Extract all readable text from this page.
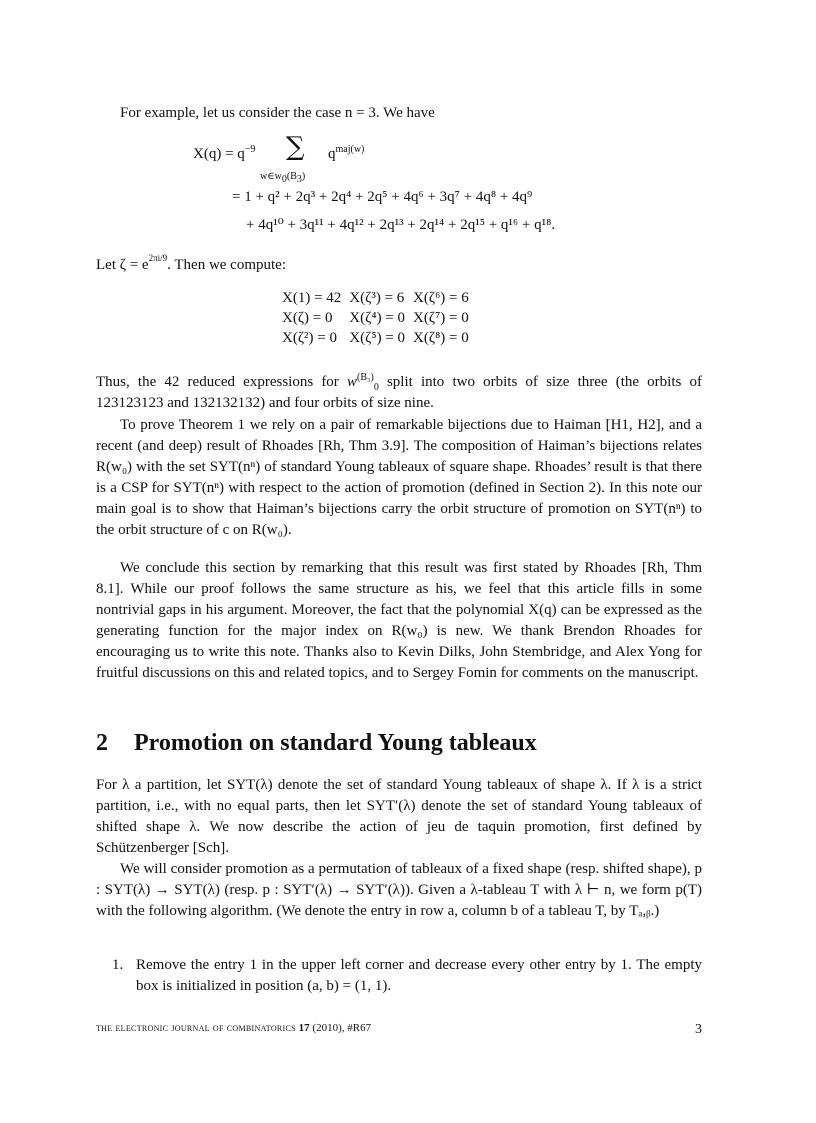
For example, let us consider the case n = 3. We have

$X(q) = q^{-9}$ ∑ $q^{maj(w)}$
$w\in w_0(B_3)$
= 1 + q² + 2q³ + 2q⁴ + 2q⁵ + 4q⁶ + 3q⁷ + 4q⁸ + 4q⁹
+ 4q¹⁰ + 3q¹¹ + 4q¹² + 2q¹³ + 2q¹⁴ + 2q¹⁵ + q¹⁶ + q¹⁸.

Let $\zeta = e^{2\pi i/9}$. Then we compute:

X(1) = 42	X(ζ³) = 6	X(ζ⁶) = 6
X(ζ) = 0	X(ζ⁴) = 0	X(ζ⁷) = 0
X(ζ²) = 0	X(ζ⁵) = 0	X(ζ⁸) = 0

Thus, the 42 reduced expressions for $w^{(B_3)}_0$ split into two orbits of size three (the orbits of 123123123 and 132132132) and four orbits of size nine.

To prove Theorem 1 we rely on a pair of remarkable bijections due to Haiman [H1, H2], and a recent (and deep) result of Rhoades [Rh, Thm 3.9]. The composition of Haiman’s bijections relates R(w₀) with the set SYT(nⁿ) of standard Young tableaux of square shape. Rhoades’ result is that there is a CSP for SYT(nⁿ) with respect to the action of promotion (defined in Section 2). In this note our main goal is to show that Haiman’s bijections carry the orbit structure of promotion on SYT(nⁿ) to the orbit structure of c on R(w₀).

We conclude this section by remarking that this result was first stated by Rhoades [Rh, Thm 8.1]. While our proof follows the same structure as his, we feel that this article fills in some nontrivial gaps in his argument. Moreover, the fact that the polynomial X(q) can be expressed as the generating function for the major index on R(w₀) is new. We thank Brendon Rhoades for encouraging us to write this note. Thanks also to Kevin Dilks, John Stembridge, and Alex Yong for fruitful discussions on this and related topics, and to Sergey Fomin for comments on the manuscript.

2 Promotion on standard Young tableaux

For λ a partition, let SYT(λ) denote the set of standard Young tableaux of shape λ. If λ is a strict partition, i.e., with no equal parts, then let SYT′(λ) denote the set of standard Young tableaux of shifted shape λ. We now describe the action of jeu de taquin promotion, first defined by Schützenberger [Sch].

We will consider promotion as a permutation of tableaux of a fixed shape (resp. shifted shape), p : SYT(λ) → SYT(λ) (resp. p : SYT′(λ) → SYT′(λ)). Given a λ-tableau T with λ ⊢ n, we form p(T) with the following algorithm. (We denote the entry in row a, column b of a tableau T, by Tₐ,ᵦ.)

1. Remove the entry 1 in the upper left corner and decrease every other entry by 1. The empty box is initialized in position (a, b) = (1, 1).
the electronic journal of combinatorics 17 (2010), #R67	3
